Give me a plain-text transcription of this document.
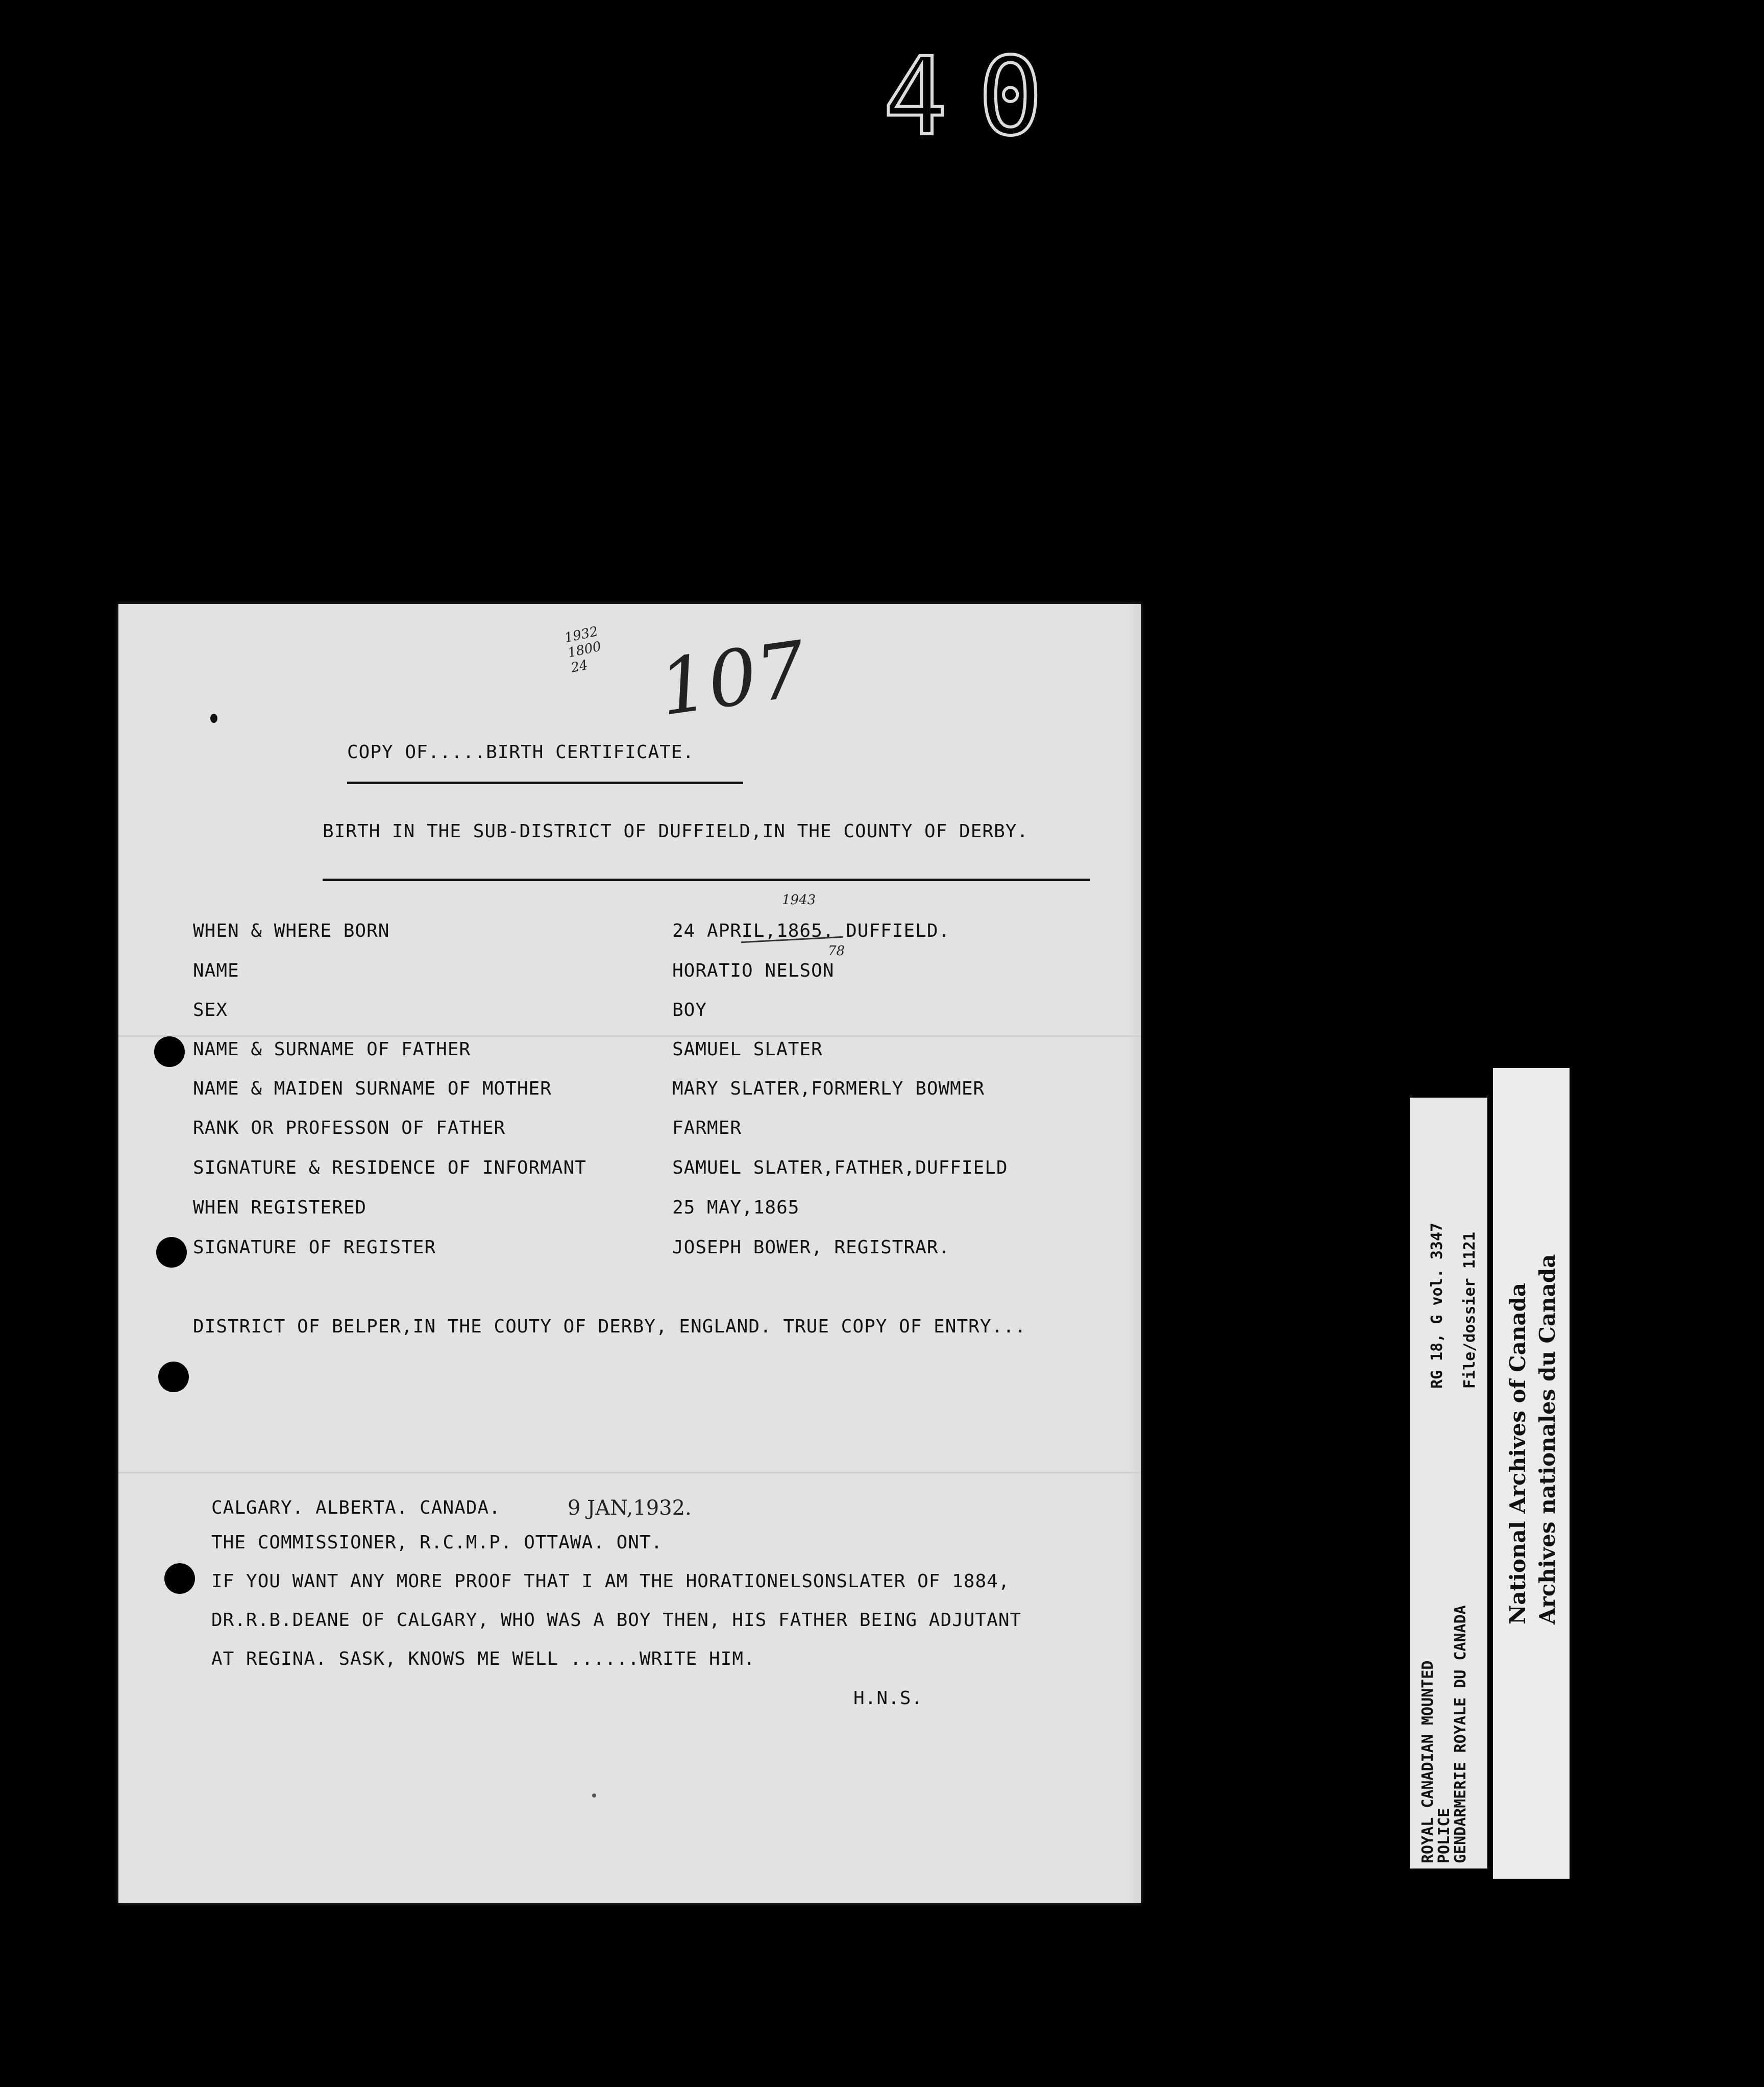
40
1932
1800
24 107
COPY OF.....BIRTH CERTIFICATE.
BIRTH IN THE SUB-DISTRICT OF DUFFIELD,IN THE COUNTY OF DERBY.
1943
78
WHEN & WHERE BORN	24 APRIL,1865. DUFFIELD.
NAME	HORATIO NELSON
SEX	BOY
NAME & SURNAME OF FATHER	SAMUEL SLATER
NAME & MAIDEN SURNAME OF MOTHER	MARY SLATER,FORMERLY BOWMER
RANK OR PROFESSON OF FATHER	FARMER
SIGNATURE & RESIDENCE OF INFORMANT	SAMUEL SLATER,FATHER,DUFFIELD
WHEN REGISTERED	25 MAY,1865
SIGNATURE OF REGISTER	JOSEPH BOWER, REGISTRAR.
DISTRICT OF BELPER,IN THE COUTY OF DERBY, ENGLAND. TRUE COPY OF ENTRY...
CALGARY. ALBERTA. CANADA.	9 JAN,1932.
THE COMMISSIONER, R.C.M.P. OTTAWA. ONT.
IF YOU WANT ANY MORE PROOF THAT I AM THE HORATIONELSONSLATER OF 1884,
DR.R.B.DEANE OF CALGARY, WHO WAS A BOY THEN, HIS FATHER BEING ADJUTANT
AT REGINA. SASK, KNOWS ME WELL ......WRITE HIM.
H.N.S.	ROYAL CANADIAN MOUNTED
POLICE
GENDARMERIE ROYALE DU CANADA
RG 18, G vol. 3347 File/dossier 1121	National Archives of Canada Archives nationales du Canada
